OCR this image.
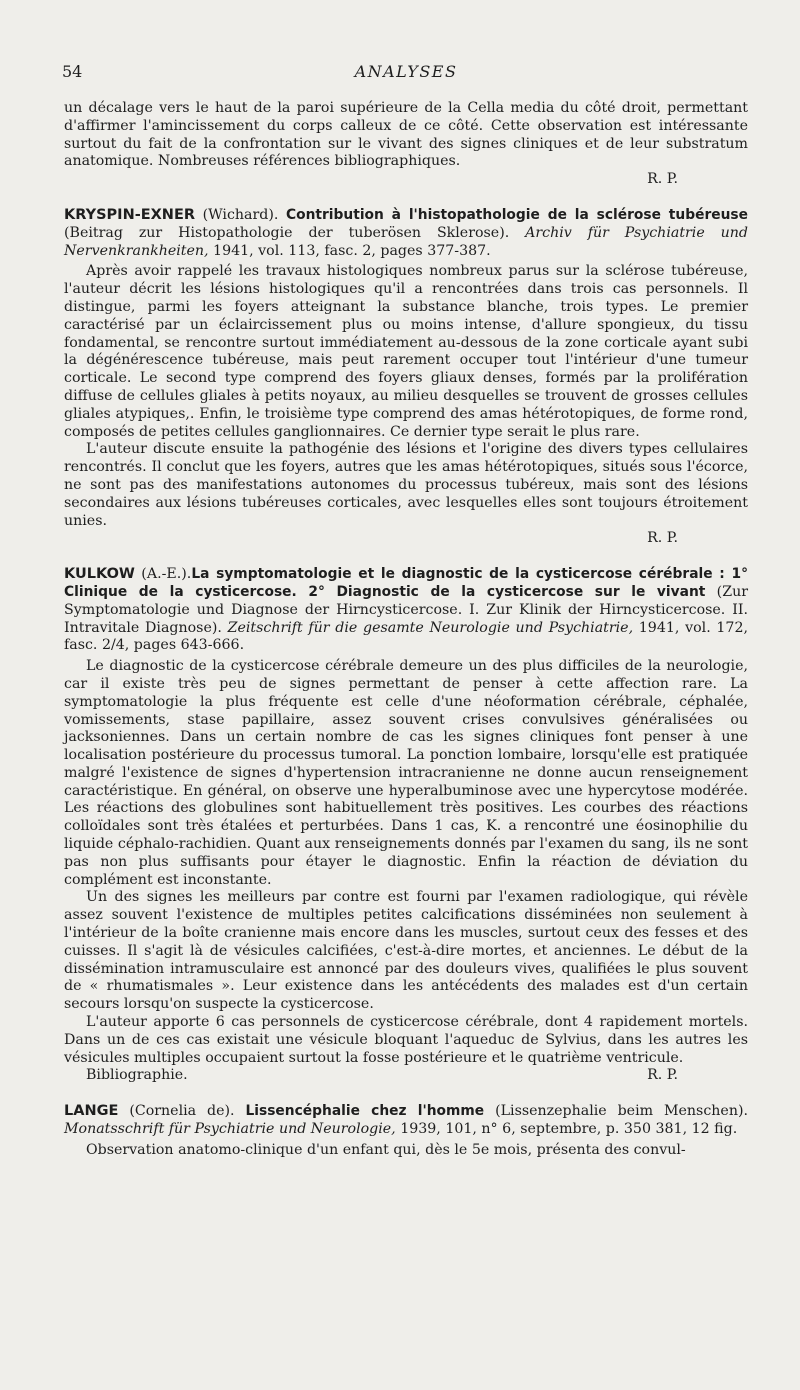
54	ANALYSES

un décalage vers le haut de la paroi supérieure de la Cella media du côté droit, permettant d'affirmer l'amincissement du corps calleux de ce côté. Cette observation est intéressante surtout du fait de la confrontation sur le vivant des signes cliniques et de leur substratum anatomique. Nombreuses références bibliographiques.

R. P.

KRYSPIN-EXNER (Wichard). Contribution à l'histopathologie de la sclérose tubéreuse (Beitrag zur Histopathologie der tuberösen Sklerose). Archiv für Psychiatrie und Nervenkrankheiten, 1941, vol. 113, fasc. 2, pages 377-387.

Après avoir rappelé les travaux histologiques nombreux parus sur la sclérose tubéreuse, l'auteur décrit les lésions histologiques qu'il a rencontrées dans trois cas personnels. Il distingue, parmi les foyers atteignant la substance blanche, trois types. Le premier caractérisé par un éclaircissement plus ou moins intense, d'allure spongieux, du tissu fondamental, se rencontre surtout immédiatement au-dessous de la zone corticale ayant subi la dégénérescence tubéreuse, mais peut rarement occuper tout l'intérieur d'une tumeur corticale. Le second type comprend des foyers gliaux denses, formés par la prolifération diffuse de cellules gliales à petits noyaux, au milieu desquelles se trouvent de grosses cellules gliales atypiques,. Enfin, le troisième type comprend des amas hétérotopiques, de forme rond, composés de petites cellules ganglionnaires. Ce dernier type serait le plus rare.

L'auteur discute ensuite la pathogénie des lésions et l'origine des divers types cellulaires rencontrés. Il conclut que les foyers, autres que les amas hétérotopiques, situés sous l'écorce, ne sont pas des manifestations autonomes du processus tubéreux, mais sont des lésions secondaires aux lésions tubéreuses corticales, avec lesquelles elles sont toujours étroitement unies.

R. P.

KULKOW (A.-E.).La symptomatologie et le diagnostic de la cysticercose cérébrale : 1° Clinique de la cysticercose. 2° Diagnostic de la cysticercose sur le vivant (Zur Symptomatologie und Diagnose der Hirncysticercose. I. Zur Klinik der Hirncysticercose. II. Intravitale Diagnose). Zeitschrift für die gesamte Neurologie und Psychiatrie, 1941, vol. 172, fasc. 2/4, pages 643-666.

Le diagnostic de la cysticercose cérébrale demeure un des plus difficiles de la neurologie, car il existe très peu de signes permettant de penser à cette affection rare. La symptomatologie la plus fréquente est celle d'une néoformation cérébrale, céphalée, vomissements, stase papillaire, assez souvent crises convulsives généralisées ou jacksoniennes. Dans un certain nombre de cas les signes cliniques font penser à une localisation postérieure du processus tumoral. La ponction lombaire, lorsqu'elle est pratiquée malgré l'existence de signes d'hypertension intracranienne ne donne aucun renseignement caractéristique. En général, on observe une hyperalbuminose avec une hypercytose modérée. Les réactions des globulines sont habituellement très positives. Les courbes des réactions colloïdales sont très étalées et perturbées. Dans 1 cas, K. a rencontré une éosinophilie du liquide céphalo-rachidien. Quant aux renseignements donnés par l'examen du sang, ils ne sont pas non plus suffisants pour étayer le diagnostic. Enfin la réaction de déviation du complément est inconstante.

Un des signes les meilleurs par contre est fourni par l'examen radiologique, qui révèle assez souvent l'existence de multiples petites calcifications disséminées non seulement à l'intérieur de la boîte cranienne mais encore dans les muscles, surtout ceux des fesses et des cuisses. Il s'agit là de vésicules calcifiées, c'est-à-dire mortes, et anciennes. Le début de la dissémination intramusculaire est annoncé par des douleurs vives, qualifiées le plus souvent de « rhumatismales ». Leur existence dans les antécédents des malades est d'un certain secours lorsqu'on suspecte la cysticercose.

L'auteur apporte 6 cas personnels de cysticercose cérébrale, dont 4 rapidement mortels. Dans un de ces cas existait une vésicule bloquant l'aqueduc de Sylvius, dans les autres les vésicules multiples occupaient surtout la fosse postérieure et le quatrième ventricule.

Bibliographie.	R. P.

LANGE (Cornelia de). Lissencéphalie chez l'homme (Lissenzephalie beim Menschen). Monatsschrift für Psychiatrie und Neurologie, 1939, 101, n° 6, septembre, p. 350 381, 12 fig.

Observation anatomo-clinique d'un enfant qui, dès le 5e mois, présenta des convul-
